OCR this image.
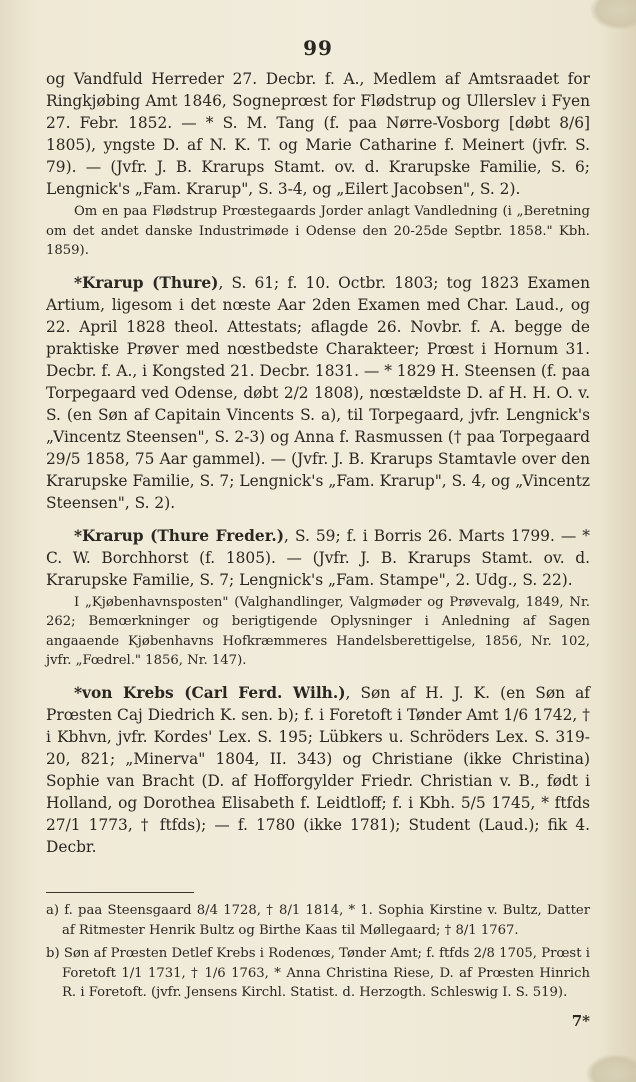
99

og Vandfuld Herreder 27. Decbr. f. A., Medlem af Amtsraadet for Ringkjøbing Amt 1846, Sogneprœst for Flødstrup og Ullerslev i Fyen 27. Febr. 1852. — * S. M. Tang (f. paa Nørre-Vosborg [døbt 8/6] 1805), yngste D. af N. K. T. og Marie Catharine f. Meinert (jvfr. S. 79). — (Jvfr. J. B. Krarups Stamt. ov. d. Krarupske Familie, S. 6; Lengnick's „Fam. Krarup", S. 3-4, og „Eilert Jacobsen", S. 2).

Om en paa Flødstrup Prœstegaards Jorder anlagt Vandledning (i „Beretning om det andet danske Industrimøde i Odense den 20-25de Septbr. 1858." Kbh. 1859).

*Krarup (Thure), S. 61; f. 10. Octbr. 1803; tog 1823 Examen Artium, ligesom i det nœste Aar 2den Examen med Char. Laud., og 22. April 1828 theol. Attestats; aflagde 26. Novbr. f. A. begge de praktiske Prøver med nœstbedste Charakteer; Prœst i Hornum 31. Decbr. f. A., i Kongsted 21. Decbr. 1831. — * 1829 H. Steensen (f. paa Torpegaard ved Odense, døbt 2/2 1808), nœstældste D. af H. H. O. v. S. (en Søn af Capitain Vincents S. a), til Torpegaard, jvfr. Lengnick's „Vincentz Steensen", S. 2-3) og Anna f. Rasmussen († paa Torpegaard 29/5 1858, 75 Aar gammel). — (Jvfr. J. B. Krarups Stamtavle over den Krarupske Familie, S. 7; Lengnick's „Fam. Krarup", S. 4, og „Vincentz Steensen", S. 2).

*Krarup (Thure Freder.), S. 59; f. i Borris 26. Marts 1799. — * C. W. Borchhorst (f. 1805). — (Jvfr. J. B. Krarups Stamt. ov. d. Krarupske Familie, S. 7; Lengnick's „Fam. Stampe", 2. Udg., S. 22).

I „Kjøbenhavnsposten" (Valghandlinger, Valgmøder og Prøvevalg, 1849, Nr. 262; Bemœrkninger og berigtigende Oplysninger i Anledning af Sagen angaaende Kjøbenhavns Hofkræmmeres Handelsberettigelse, 1856, Nr. 102, jvfr. „Fœdrel." 1856, Nr. 147).

*von Krebs (Carl Ferd. Wilh.), Søn af H. J. K. (en Søn af Prœsten Caj Diedrich K. sen. b); f. i Foretoft i Tønder Amt 1/6 1742, † i Kbhvn, jvfr. Kordes' Lex. S. 195; Lübkers u. Schröders Lex. S. 319-20, 821; „Minerva" 1804, II. 343) og Christiane (ikke Christina) Sophie van Bracht (D. af Hofforgylder Friedr. Christian v. B., født i Holland, og Dorothea Elisabeth f. Leidtloff; f. i Kbh. 5/5 1745, * ftfds 27/1 1773, † ftfds); — f. 1780 (ikke 1781); Student (Laud.); fik 4. Decbr.

a) f. paa Steensgaard 8/4 1728, † 8/1 1814, * 1. Sophia Kirstine v. Bultz, Datter af Ritmester Henrik Bultz og Birthe Kaas til Møllegaard; † 8/1 1767.

b) Søn af Prœsten Detlef Krebs i Rodenœs, Tønder Amt; f. ftfds 2/8 1705, Prœst i Foretoft 1/1 1731, † 1/6 1763, * Anna Christina Riese, D. af Prœsten Hinrich R. i Foretoft. (jvfr. Jensens Kirchl. Statist. d. Herzogth. Schleswig I. S. 519).

7*
